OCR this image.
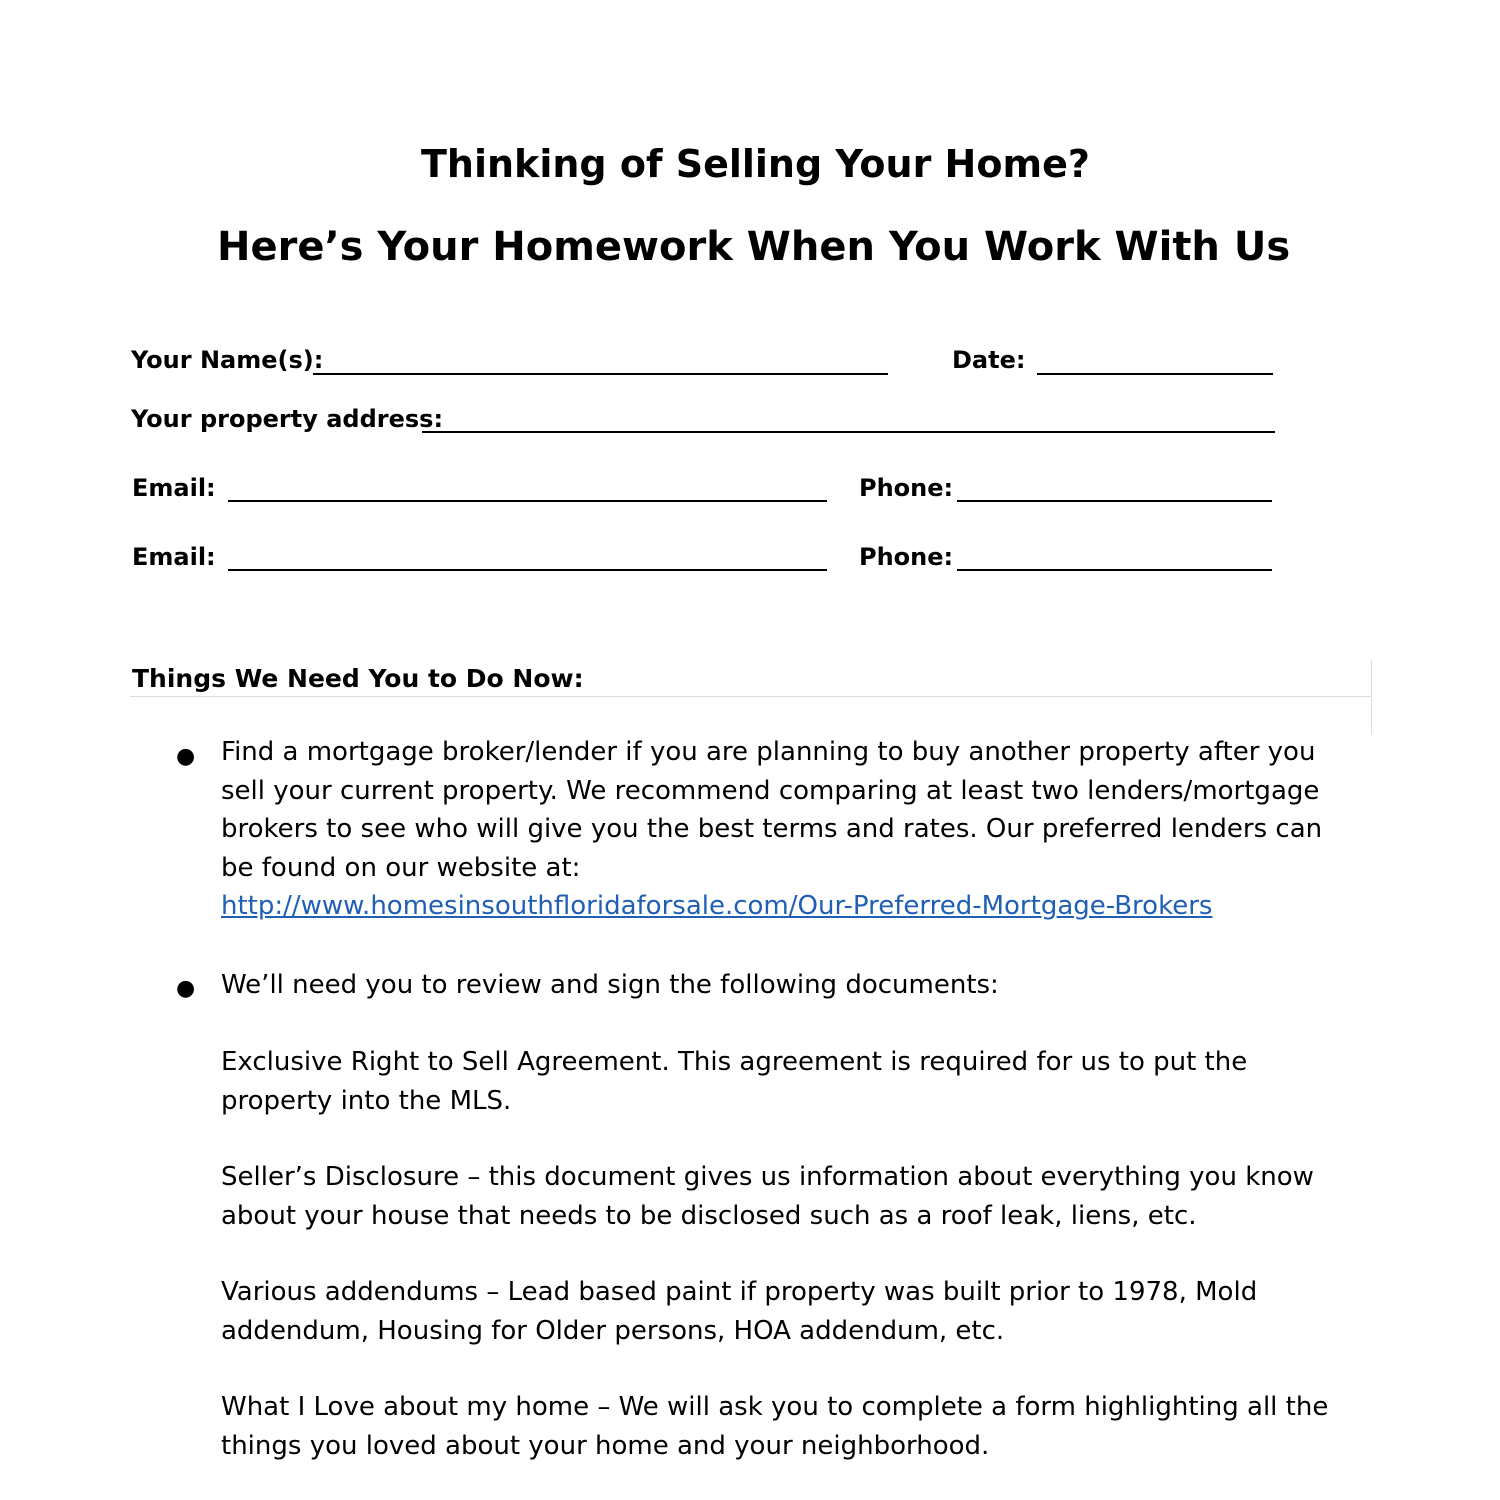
Thinking of Selling Your Home?
Here’s Your Homework When You Work With Us
Your Name(s):	Date:
Your property address:
Email:	Phone:
Email:	Phone:
Things We Need You to Do Now:
● Find a mortgage broker/lender if you are planning to buy another property after you sell your current property. We recommend comparing at least two lenders/mortgage brokers to see who will give you the best terms and rates. Our preferred lenders can be found on our website at:
http://www.homesinsouthfloridaforsale.com/Our-Preferred-Mortgage-Brokers

● We’ll need you to review and sign the following documents:

Exclusive Right to Sell Agreement. This agreement is required for us to put the property into the MLS.

Seller’s Disclosure – this document gives us information about everything you know about your house that needs to be disclosed such as a roof leak, liens, etc.

Various addendums – Lead based paint if property was built prior to 1978, Mold addendum, Housing for Older persons, HOA addendum, etc.

What I Love about my home – We will ask you to complete a form highlighting all the things you loved about your home and your neighborhood.
